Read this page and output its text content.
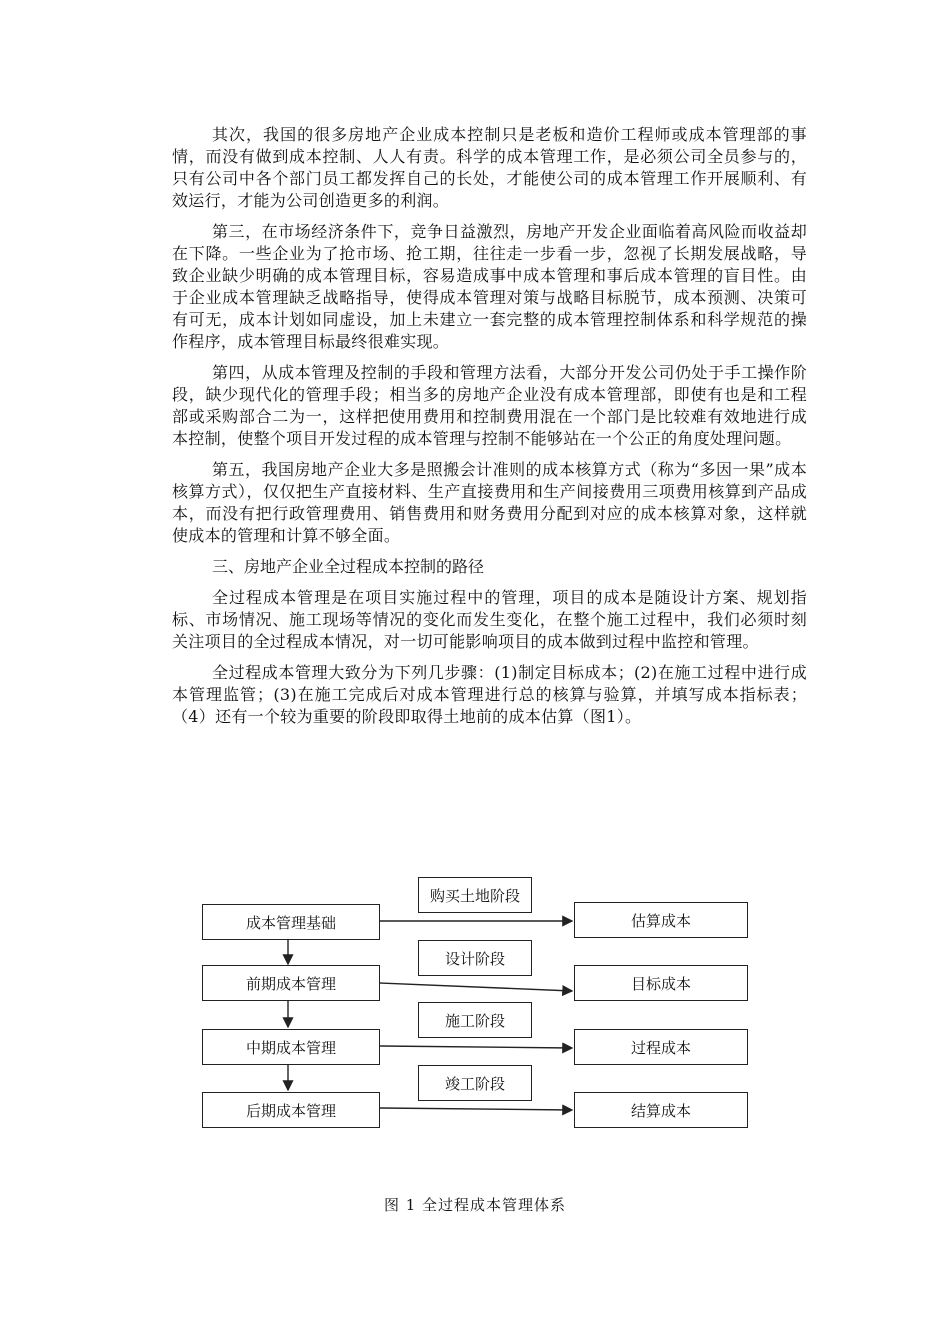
其次，我国的很多房地产企业成本控制只是老板和造价工程师或成本管理部的事情，而没有做到成本控制、人人有责。科学的成本管理工作，是必须公司全员参与的，只有公司中各个部门员工都发挥自己的长处，才能使公司的成本管理工作开展顺利、有效运行，才能为公司创造更多的利润。

第三，在市场经济条件下，竞争日益激烈，房地产开发企业面临着高风险而收益却在下降。一些企业为了抢市场、抢工期，往往走一步看一步，忽视了长期发展战略，导致企业缺少明确的成本管理目标，容易造成事中成本管理和事后成本管理的盲目性。由于企业成本管理缺乏战略指导，使得成本管理对策与战略目标脱节，成本预测、决策可有可无，成本计划如同虚设，加上未建立一套完整的成本管理控制体系和科学规范的操作程序，成本管理目标最终很难实现。

第四，从成本管理及控制的手段和管理方法看，大部分开发公司仍处于手工操作阶段，缺少现代化的管理手段；相当多的房地产企业没有成本管理部，即使有也是和工程部或采购部合二为一，这样把使用费用和控制费用混在一个部门是比较难有效地进行成本控制，使整个项目开发过程的成本管理与控制不能够站在一个公正的角度处理问题。

第五，我国房地产企业大多是照搬会计准则的成本核算方式（称为“多因一果”成本核算方式），仅仅把生产直接材料、生产直接费用和生产间接费用三项费用核算到产品成本，而没有把行政管理费用、销售费用和财务费用分配到对应的成本核算对象，这样就使成本的管理和计算不够全面。

三、房地产企业全过程成本控制的路径

全过程成本管理是在项目实施过程中的管理，项目的成本是随设计方案、规划指标、市场情况、施工现场等情况的变化而发生变化，在整个施工过程中，我们必须时刻关注项目的全过程成本情况，对一切可能影响项目的成本做到过程中监控和管理。

全过程成本管理大致分为下列几步骤：(1)制定目标成本；(2)在施工过程中进行成本管理监管；(3)在施工完成后对成本管理进行总的核算与验算，并填写成本指标表；（4）还有一个较为重要的阶段即取得土地前的成本估算（图1）。

成本管理基础
前期成本管理
中期成本管理
后期成本管理
购买土地阶段
设计阶段
施工阶段
竣工阶段
估算成本
目标成本
过程成本
结算成本
图 1 全过程成本管理体系
